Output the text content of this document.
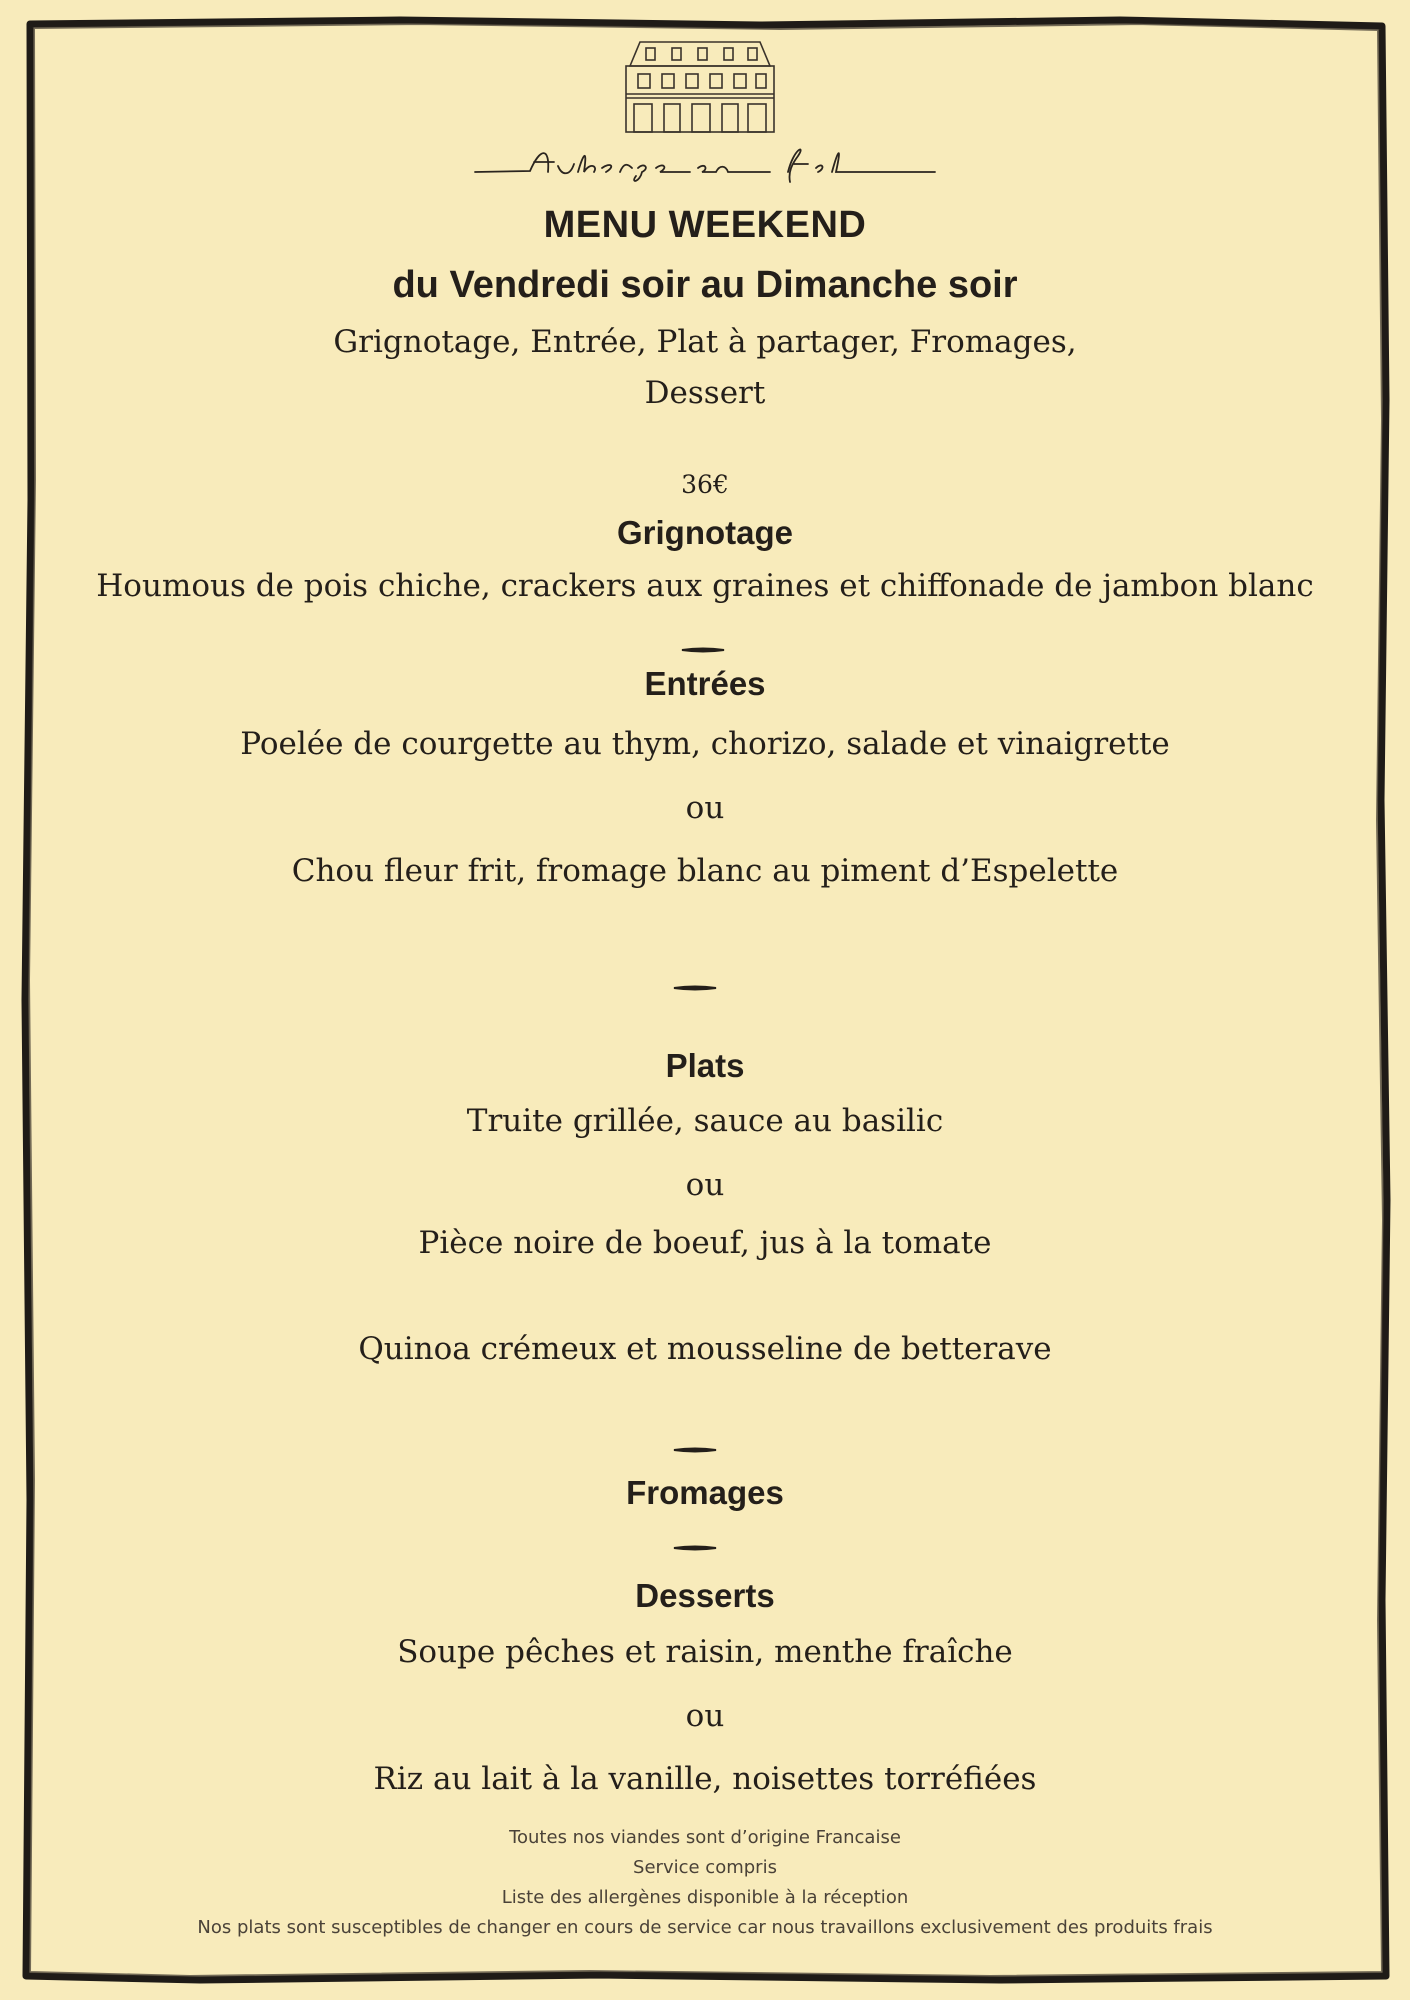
MENU WEEKEND
du Vendredi soir au Dimanche soir
Grignotage, Entrée, Plat à partager, Fromages,
Dessert
36€
Grignotage
Houmous de pois chiche, crackers aux graines et chiffonade de jambon blanc
Entrées
Poelée de courgette au thym, chorizo, salade et vinaigrette
ou
Chou fleur frit, fromage blanc au piment d’Espelette
Plats
Truite grillée, sauce au basilic
ou
Pièce noire de boeuf, jus à la tomate
Quinoa crémeux et mousseline de betterave
Fromages
Desserts
Soupe pêches et raisin, menthe fraîche
ou
Riz au lait à la vanille, noisettes torréfiées
Toutes nos viandes sont d’origine Francaise
Service compris
Liste des allergènes disponible à la réception
Nos plats sont susceptibles de changer en cours de service car nous travaillons exclusivement des produits frais
